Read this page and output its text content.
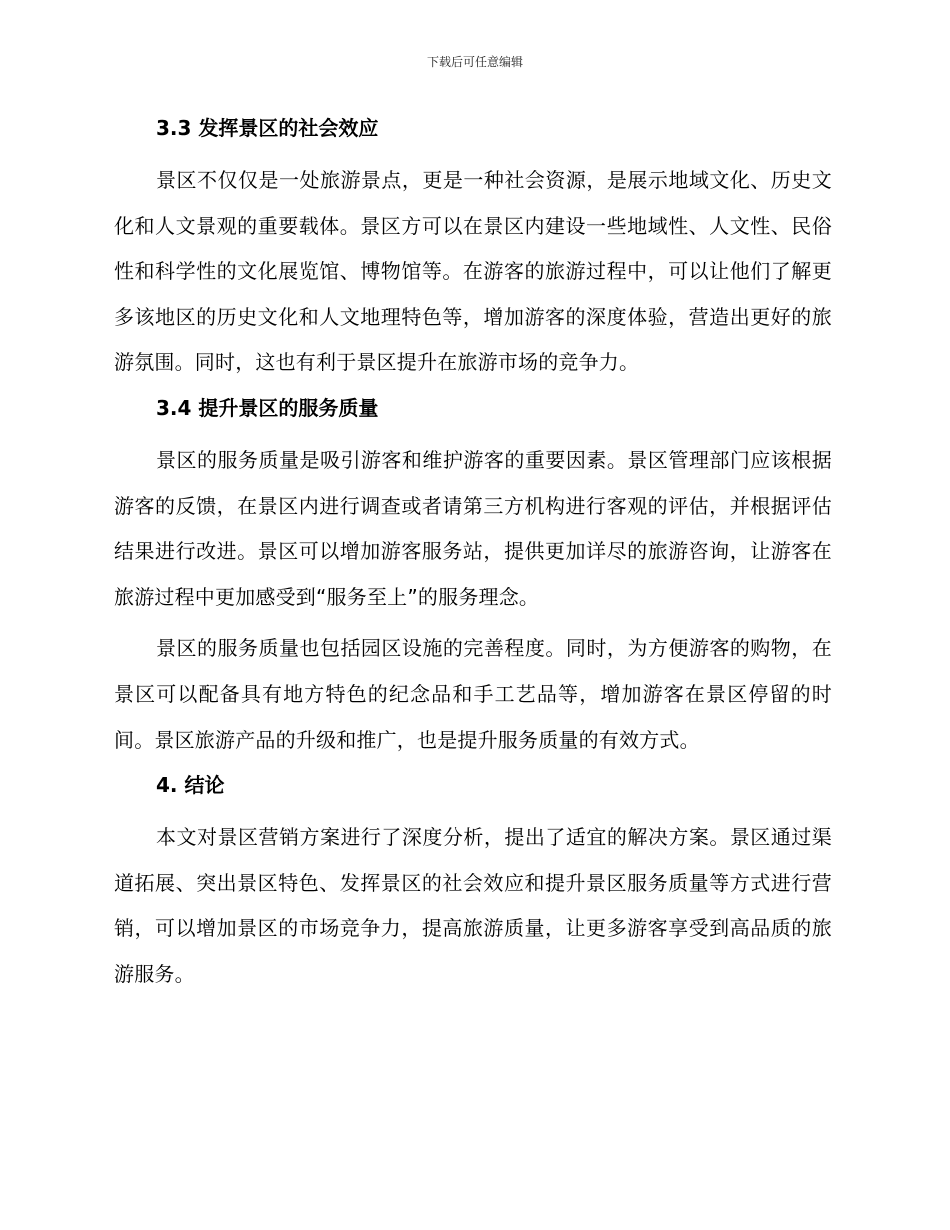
下载后可任意编辑
3.3 发挥景区的社会效应

景区不仅仅是一处旅游景点，更是一种社会资源，是展示地域文化、历史文化和人文景观的重要载体。景区方可以在景区内建设一些地域性、人文性、民俗性和科学性的文化展览馆、博物馆等。在游客的旅游过程中，可以让他们了解更多该地区的历史文化和人文地理特色等，增加游客的深度体验，营造出更好的旅游氛围。同时，这也有利于景区提升在旅游市场的竞争力。

3.4 提升景区的服务质量

景区的服务质量是吸引游客和维护游客的重要因素。景区管理部门应该根据游客的反馈，在景区内进行调查或者请第三方机构进行客观的评估，并根据评估结果进行改进。景区可以增加游客服务站，提供更加详尽的旅游咨询，让游客在旅游过程中更加感受到“服务至上”的服务理念。

景区的服务质量也包括园区设施的完善程度。同时，为方便游客的购物，在景区可以配备具有地方特色的纪念品和手工艺品等，增加游客在景区停留的时间。景区旅游产品的升级和推广，也是提升服务质量的有效方式。

4. 结论

本文对景区营销方案进行了深度分析，提出了适宜的解决方案。景区通过渠道拓展、突出景区特色、发挥景区的社会效应和提升景区服务质量等方式进行营销，可以增加景区的市场竞争力，提高旅游质量，让更多游客享受到高品质的旅游服务。
